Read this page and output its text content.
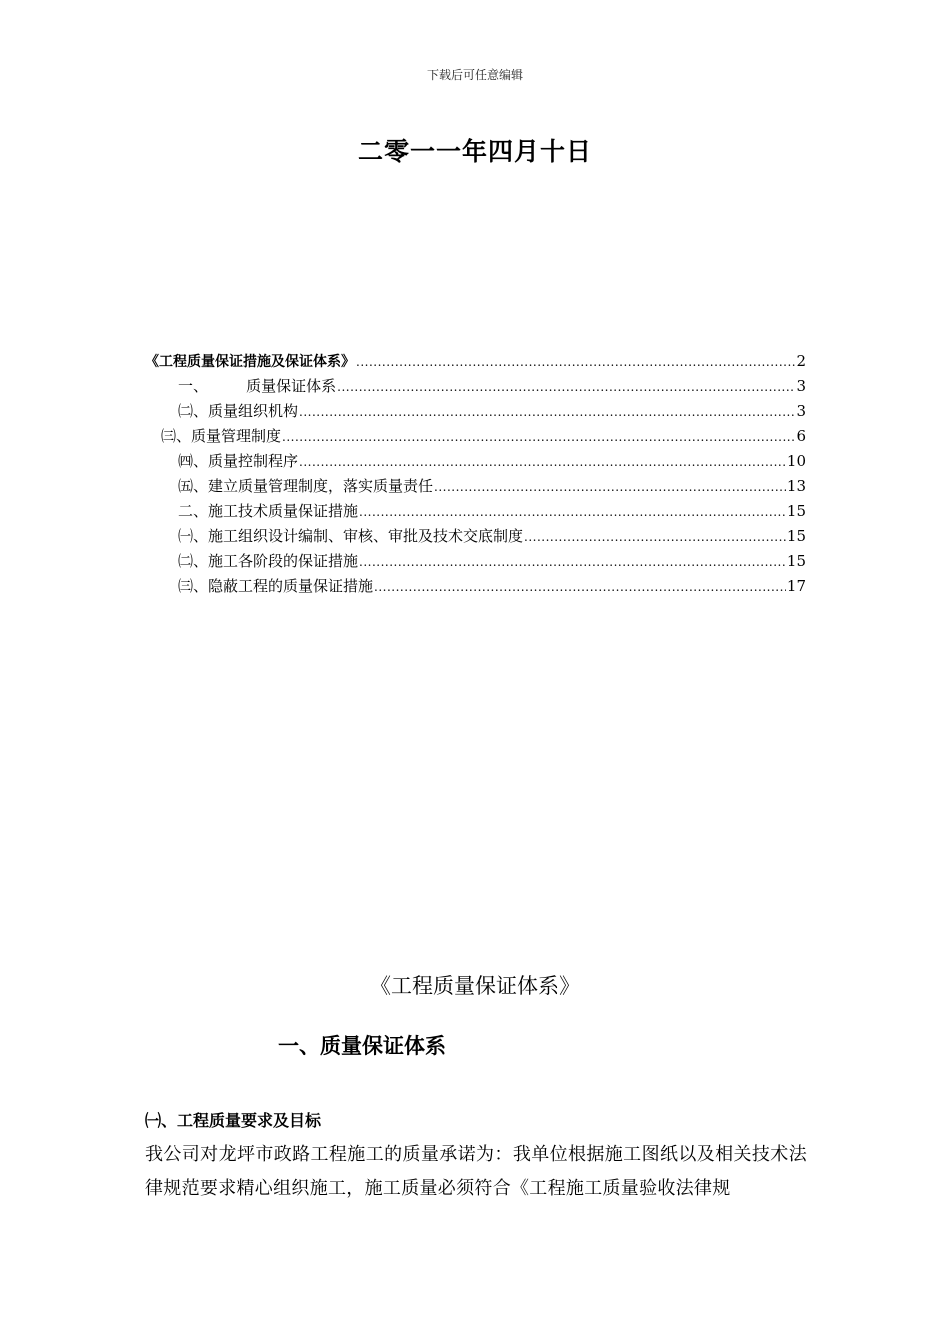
下载后可任意编辑
二零一一年四月十日
《工程质量保证措施及保证体系》 .....	2
一、        质量保证体系 .....	3
㈡、质量组织机构 .....	3
㈢、质量管理制度 .....	6
㈣、质量控制程序 .....	10
㈤、建立质量管理制度，落实质量责任 .....	13
二、施工技术质量保证措施 .....	15
㈠、施工组织设计编制、审核、审批及技术交底制度 .....	15
㈡、施工各阶段的保证措施 .....	15
㈢、隐蔽工程的质量保证措施 .....	17
《工程质量保证体系》
一、质量保证体系
㈠、工程质量要求及目标
我公司对龙坪市政路工程施工的质量承诺为：我单位根据施工图纸以及相关技术法律规范要求精心组织施工，施工质量必须符合《工程施工质量验收法律规
